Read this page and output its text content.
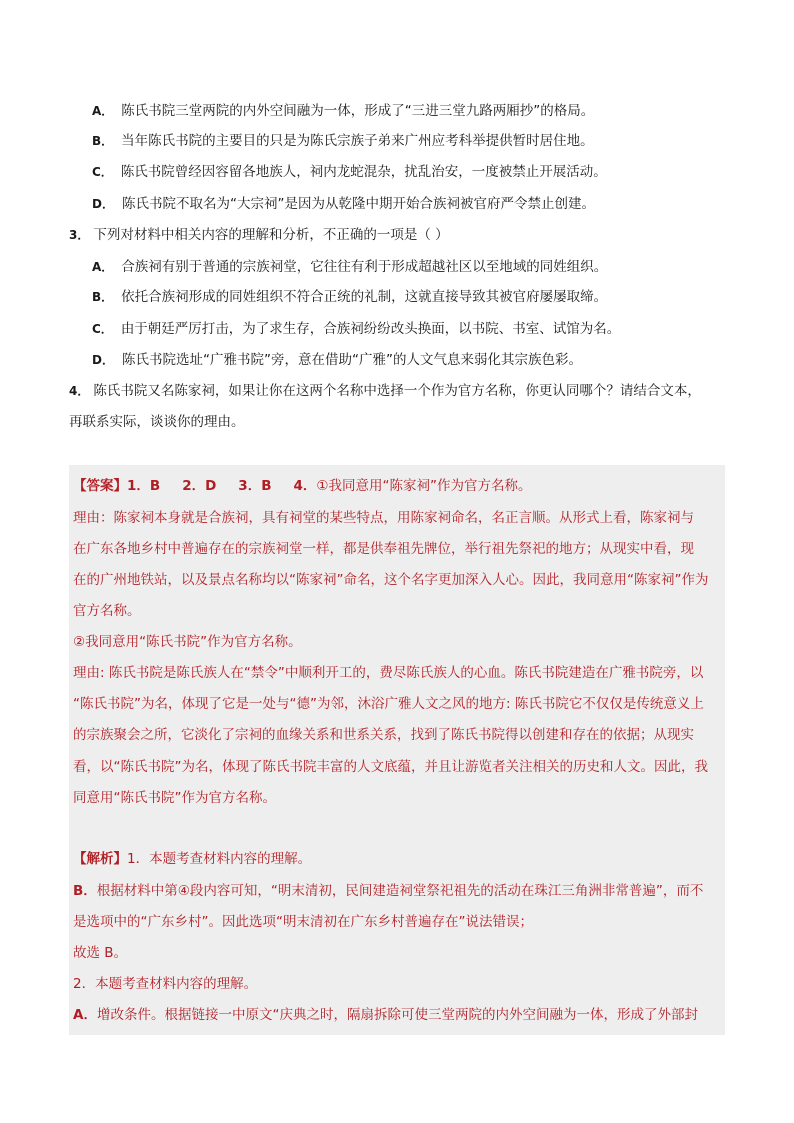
A． 陈氏书院三堂两院的内外空间融为一体，形成了“三进三堂九路两厢抄”的格局。
B． 当年陈氏书院的主要目的只是为陈氏宗族子弟来广州应考科举提供暂时居住地。
C． 陈氏书院曾经因容留各地族人，祠内龙蛇混杂，扰乱治安，一度被禁止开展活动。
D． 陈氏书院不取名为“大宗祠”是因为从乾隆中期开始合族祠被官府严令禁止创建。
3． 下列对材料中相关内容的理解和分析，不正确的一项是（ ）
A． 合族祠有别于普通的宗族祠堂，它往往有利于形成超越社区以至地域的同姓组织。
B． 依托合族祠形成的同姓组织不符合正统的礼制，这就直接导致其被官府屡屡取缔。
C． 由于朝廷严厉打击，为了求生存，合族祠纷纷改头换面，以书院、书室、试馆为名。
D． 陈氏书院选址“广雅书院”旁，意在借助“广雅”的人文气息来弱化其宗族色彩。
4． 陈氏书院又名陈家祠，如果让你在这两个名称中选择一个作为官方名称，你更认同哪个？请结合文本，
再联系实际，谈谈你的理由。
【答案】1．B 2．D 3．B 4．①我同意用“陈家祠”作为官方名称。
理由：陈家祠本身就是合族祠，具有祠堂的某些特点，用陈家祠命名，名正言顺。从形式上看，陈家祠与
在广东各地乡村中普遍存在的宗族祠堂一样，都是供奉祖先牌位，举行祖先祭祀的地方；从现实中看，现
在的广州地铁站，以及景点名称均以“陈家祠”命名，这个名字更加深入人心。因此，我同意用“陈家祠”作为
官方名称。
②我同意用“陈氏书院”作为官方名称。
理由: 陈氏书院是陈氏族人在“禁令”中顺利开工的，费尽陈氏族人的心血。陈氏书院建造在广雅书院旁，以
“陈氏书院”为名，体现了它是一处与“德”为邻，沐浴广雅人文之风的地方: 陈氏书院它不仅仅是传统意义上
的宗族聚会之所，它淡化了宗祠的血缘关系和世系关系，找到了陈氏书院得以创建和存在的依据；从现实
看，以“陈氏书院”为名，体现了陈氏书院丰富的人文底蕴，并且让游览者关注相关的历史和人文。因此，我
同意用“陈氏书院”作为官方名称。
【解析】1．本题考查材料内容的理解。
B．根据材料中第④段内容可知，“明末清初，民间建造祠堂祭祀祖先的活动在珠江三角洲非常普遍”，而不
是选项中的“广东乡村”。因此选项“明末清初在广东乡村普遍存在”说法错误；
故选 B。
2．本题考查材料内容的理解。
A．增改条件。根据链接一中原文“庆典之时，隔扇拆除可使三堂两院的内外空间融为一体，形成了外部封
